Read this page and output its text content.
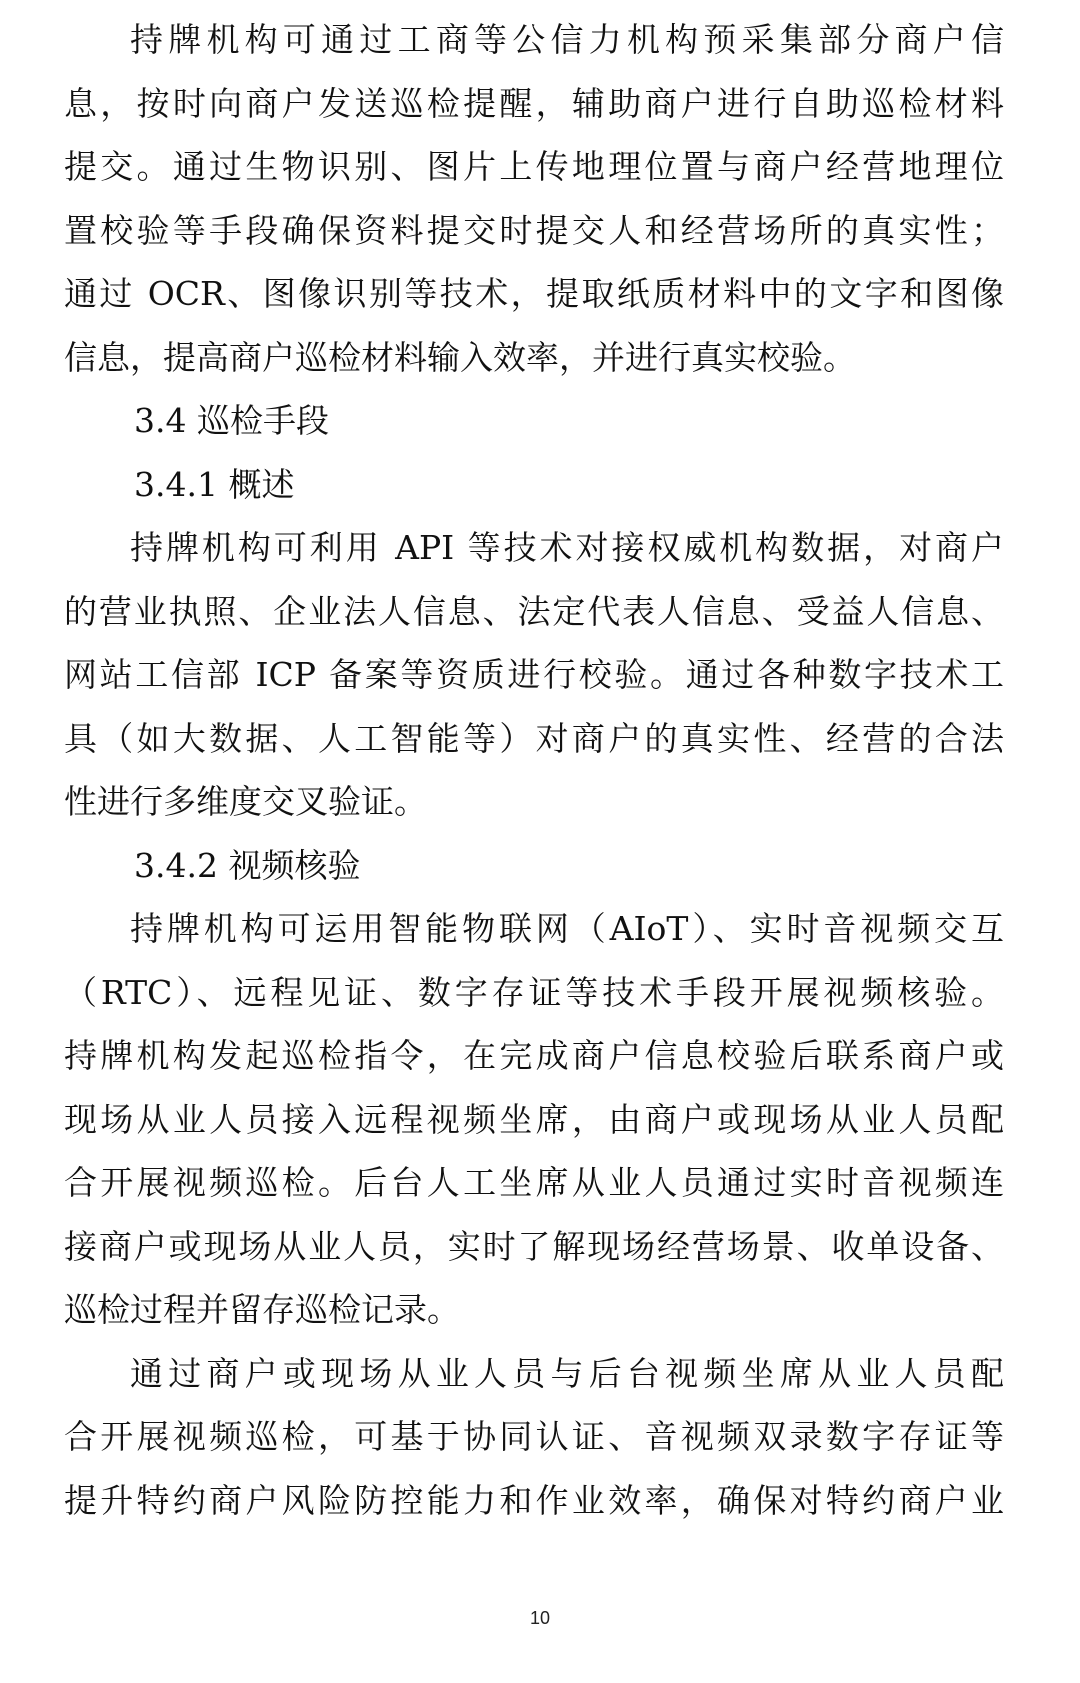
持牌机构可通过工商等公信力机构预采集部分商户信
息，按时向商户发送巡检提醒，辅助商户进行自助巡检材料
提交。通过生物识别、图片上传地理位置与商户经营地理位
置校验等手段确保资料提交时提交人和经营场所的真实性；
通过 OCR、图像识别等技术，提取纸质材料中的文字和图像
信息，提高商户巡检材料输入效率，并进行真实校验。
3.4 巡检手段
3.4.1 概述
持牌机构可利用 API 等技术对接权威机构数据，对商户
的营业执照、企业法人信息、法定代表人信息、受益人信息、
网站工信部 ICP 备案等资质进行校验。通过各种数字技术工
具（如大数据、人工智能等）对商户的真实性、经营的合法
性进行多维度交叉验证。
3.4.2 视频核验
持牌机构可运用智能物联网（AIoT）、实时音视频交互
（RTC）、远程见证、数字存证等技术手段开展视频核验。
持牌机构发起巡检指令，在完成商户信息校验后联系商户或
现场从业人员接入远程视频坐席，由商户或现场从业人员配
合开展视频巡检。后台人工坐席从业人员通过实时音视频连
接商户或现场从业人员，实时了解现场经营场景、收单设备、
巡检过程并留存巡检记录。
通过商户或现场从业人员与后台视频坐席从业人员配
合开展视频巡检，可基于协同认证、音视频双录数字存证等
提升特约商户风险防控能力和作业效率，确保对特约商户业
10
